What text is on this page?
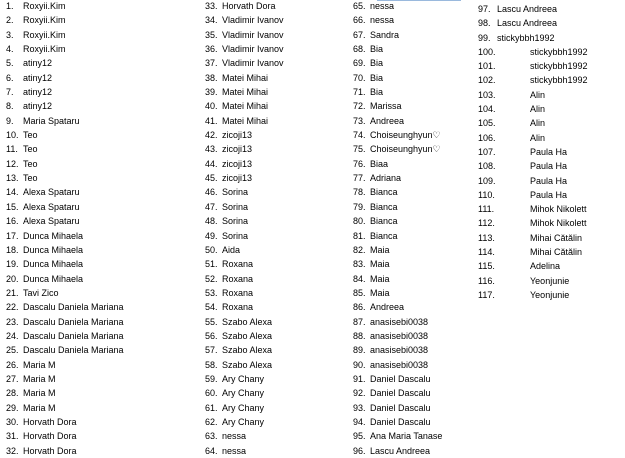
1. Roxyii.Kim
2. Roxyii.Kim
3. Roxyii.Kim
4. Roxyii.Kim
5. atiny12
6. atiny12
7. atiny12
8. atiny12
9. Maria Spataru
10. Teo
11. Teo
12. Teo
13. Teo
14. Alexa Spataru
15. Alexa Spataru
16. Alexa Spataru
17. Dunca Mihaela
18. Dunca Mihaela
19. Dunca Mihaela
20. Dunca Mihaela
21. Tavi Zico
22. Dascalu Daniela Mariana
23. Dascalu Daniela Mariana
24. Dascalu Daniela Mariana
25. Dascalu Daniela Mariana
26. Maria M
27. Maria M
28. Maria M
29. Maria M
30. Horvath Dora
31. Horvath Dora
32. Horvath Dora
33. Horvath Dora
34. Vladimir Ivanov
35. Vladimir Ivanov
36. Vladimir Ivanov
37. Vladimir Ivanov
38. Matei Mihai
39. Matei Mihai
40. Matei Mihai
41. Matei Mihai
42. zicoji13
43. zicoji13
44. zicoji13
45. zicoji13
46. Sorina
47. Sorina
48. Sorina
49. Sorina
50. Aida
51. Roxana
52. Roxana
53. Roxana
54. Roxana
55. Szabo Alexa
56. Szabo Alexa
57. Szabo Alexa
58. Szabo Alexa
59. Ary Chany
60. Ary Chany
61. Ary Chany
62. Ary Chany
63. nessa
64. nessa
65. nessa
66. nessa
67. Sandra
68. Bia
69. Bia
70. Bia
71. Bia
72. Marissa
73. Andreea
74. Choiseunghyun♡
75. Choiseunghyun♡
76. Biaa
77. Adriana
78. Bianca
79. Bianca
80. Bianca
81. Bianca
82. Maia
83. Maia
84. Maia
85. Maia
86. Andreea
87. anasisebi0038
88. anasisebi0038
89. anasisebi0038
90. anasisebi0038
91. Daniel Dascalu
92. Daniel Dascalu
93. Daniel Dascalu
94. Daniel Dascalu
95. Ana Maria Tanase
96. Lascu Andreea
97. Lascu Andreea
98. Lascu Andreea
99. stickybbh1992
100.	stickybbh1992
101.	stickybbh1992
102.	stickybbh1992
103.	Alin
104.	Alin
105.	Alin
106.	Alin
107.	Paula Ha
108.	Paula Ha
109.	Paula Ha
110.	Paula Ha
111.	Mihok Nikolett
112.	Mihok Nikolett
113.	Mihai Cătălin
114.	Mihai Cătălin
115.	Adelina
116.	Yeonjunie
117.	Yeonjunie
